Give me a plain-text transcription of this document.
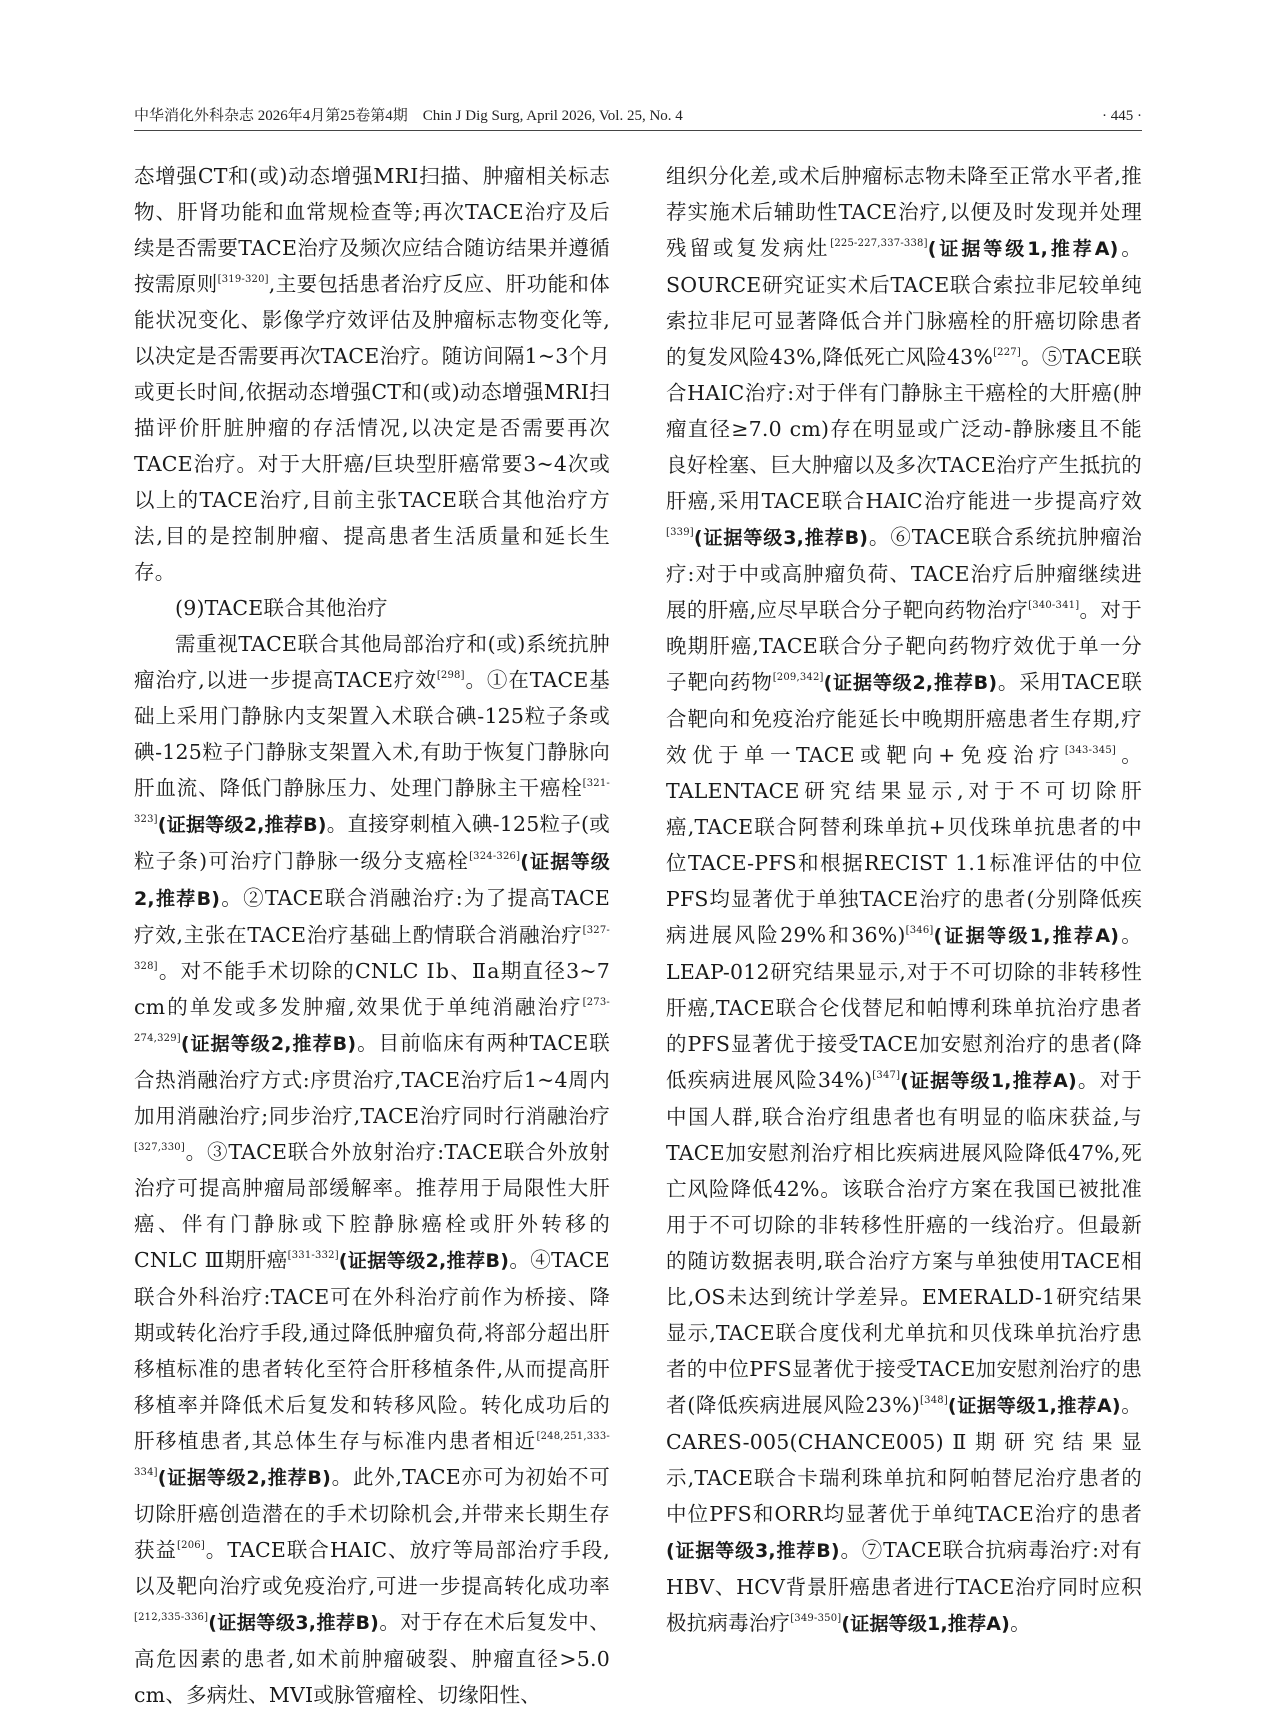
中华消化外科杂志 2026年4月第25卷第4期　Chin J Dig Surg, April 2026, Vol. 25, No. 4	· 445 ·

态增强CT和(或)动态增强MRI扫描、肿瘤相关标志物、肝肾功能和血常规检查等;再次TACE治疗及后续是否需要TACE治疗及频次应结合随访结果并遵循按需原则[319-320],主要包括患者治疗反应、肝功能和体能状况变化、影像学疗效评估及肿瘤标志物变化等,以决定是否需要再次TACE治疗。随访间隔1~3个月或更长时间,依据动态增强CT和(或)动态增强MRI扫描评价肝脏肿瘤的存活情况,以决定是否需要再次TACE治疗。对于大肝癌/巨块型肝癌常要3~4次或以上的TACE治疗,目前主张TACE联合其他治疗方法,目的是控制肿瘤、提高患者生活质量和延长生存。

(9)TACE联合其他治疗

需重视TACE联合其他局部治疗和(或)系统抗肿瘤治疗,以进一步提高TACE疗效[298]。①在TACE基础上采用门静脉内支架置入术联合碘-125粒子条或碘-125粒子门静脉支架置入术,有助于恢复门静脉向肝血流、降低门静脉压力、处理门静脉主干癌栓[321-323](证据等级2,推荐B)。直接穿刺植入碘-125粒子(或粒子条)可治疗门静脉一级分支癌栓[324-326](证据等级2,推荐B)。②TACE联合消融治疗:为了提高TACE疗效,主张在TACE治疗基础上酌情联合消融治疗[327-328]。对不能手术切除的CNLC Ⅰb、Ⅱa期直径3~7 cm的单发或多发肿瘤,效果优于单纯消融治疗[273-274,329](证据等级2,推荐B)。目前临床有两种TACE联合热消融治疗方式:序贯治疗,TACE治疗后1~4周内加用消融治疗;同步治疗,TACE治疗同时行消融治疗[327,330]。③TACE联合外放射治疗:TACE联合外放射治疗可提高肿瘤局部缓解率。推荐用于局限性大肝癌、伴有门静脉或下腔静脉癌栓或肝外转移的CNLC Ⅲ期肝癌[331-332](证据等级2,推荐B)。④TACE联合外科治疗:TACE可在外科治疗前作为桥接、降期或转化治疗手段,通过降低肿瘤负荷,将部分超出肝移植标准的患者转化至符合肝移植条件,从而提高肝移植率并降低术后复发和转移风险。转化成功后的肝移植患者,其总体生存与标准内患者相近[248,251,333-334](证据等级2,推荐B)。此外,TACE亦可为初始不可切除肝癌创造潜在的手术切除机会,并带来长期生存获益[206]。TACE联合HAIC、放疗等局部治疗手段,以及靶向治疗或免疫治疗,可进一步提高转化成功率[212,335-336](证据等级3,推荐B)。对于存在术后复发中、高危因素的患者,如术前肿瘤破裂、肿瘤直径>5.0 cm、多病灶、MVI或脉管瘤栓、切缘阳性、

组织分化差,或术后肿瘤标志物未降至正常水平者,推荐实施术后辅助性TACE治疗,以便及时发现并处理残留或复发病灶[225-227,337-338](证据等级1,推荐A)。SOURCE研究证实术后TACE联合索拉非尼较单纯索拉非尼可显著降低合并门脉癌栓的肝癌切除患者的复发风险43%,降低死亡风险43%[227]。⑤TACE联合HAIC治疗:对于伴有门静脉主干癌栓的大肝癌(肿瘤直径≥7.0 cm)存在明显或广泛动-静脉瘘且不能良好栓塞、巨大肿瘤以及多次TACE治疗产生抵抗的肝癌,采用TACE联合HAIC治疗能进一步提高疗效[339](证据等级3,推荐B)。⑥TACE联合系统抗肿瘤治疗:对于中或高肿瘤负荷、TACE治疗后肿瘤继续进展的肝癌,应尽早联合分子靶向药物治疗[340-341]。对于晚期肝癌,TACE联合分子靶向药物疗效优于单一分子靶向药物[209,342](证据等级2,推荐B)。采用TACE联合靶向和免疫治疗能延长中晚期肝癌患者生存期,疗效优于单一TACE或靶向+免疫治疗[343-345]。TALENTACE研究结果显示,对于不可切除肝癌,TACE联合阿替利珠单抗+贝伐珠单抗患者的中位TACE-PFS和根据RECIST 1.1标准评估的中位PFS均显著优于单独TACE治疗的患者(分别降低疾病进展风险29%和36%)[346](证据等级1,推荐A)。LEAP-012研究结果显示,对于不可切除的非转移性肝癌,TACE联合仑伐替尼和帕博利珠单抗治疗患者的PFS显著优于接受TACE加安慰剂治疗的患者(降低疾病进展风险34%)[347](证据等级1,推荐A)。对于中国人群,联合治疗组患者也有明显的临床获益,与TACE加安慰剂治疗相比疾病进展风险降低47%,死亡风险降低42%。该联合治疗方案在我国已被批准用于不可切除的非转移性肝癌的一线治疗。但最新的随访数据表明,联合治疗方案与单独使用TACE相比,OS未达到统计学差异。EMERALD-1研究结果显示,TACE联合度伐利尤单抗和贝伐珠单抗治疗患者的中位PFS显著优于接受TACE加安慰剂治疗的患者(降低疾病进展风险23%)[348](证据等级1,推荐A)。CARES-005(CHANCE005)Ⅱ期研究结果显示,TACE联合卡瑞利珠单抗和阿帕替尼治疗患者的中位PFS和ORR均显著优于单纯TACE治疗的患者(证据等级3,推荐B)。⑦TACE联合抗病毒治疗:对有HBV、HCV背景肝癌患者进行TACE治疗同时应积极抗病毒治疗[349-350](证据等级1,推荐A)。
